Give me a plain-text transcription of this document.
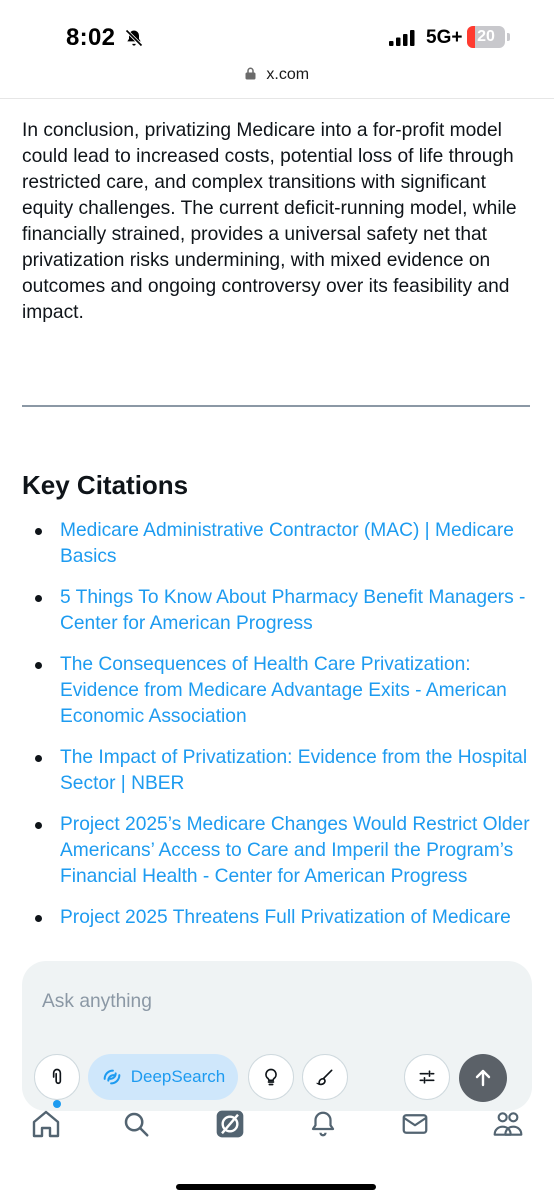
8:02	5G+ 20
x.com

In conclusion, privatizing Medicare into a for-profit model could lead to increased costs, potential loss of life through restricted care, and complex transitions with significant equity challenges. The current deficit-running model, while financially strained, provides a universal safety net that privatization risks undermining, with mixed evidence on outcomes and ongoing controversy over its feasibility and impact.

Key Citations
Medicare Administrative Contractor (MAC) | Medicare Basics
5 Things To Know About Pharmacy Benefit Managers - Center for American Progress
The Consequences of Health Care Privatization: Evidence from Medicare Advantage Exits - American Economic Association
The Impact of Privatization: Evidence from the Hospital Sector | NBER
Project 2025’s Medicare Changes Would Restrict Older Americans’ Access to Care and Imperil the Program’s Financial Health - Center for American Progress
Project 2025 Threatens Full Privatization of Medicare
Ask anything
DeepSearch
